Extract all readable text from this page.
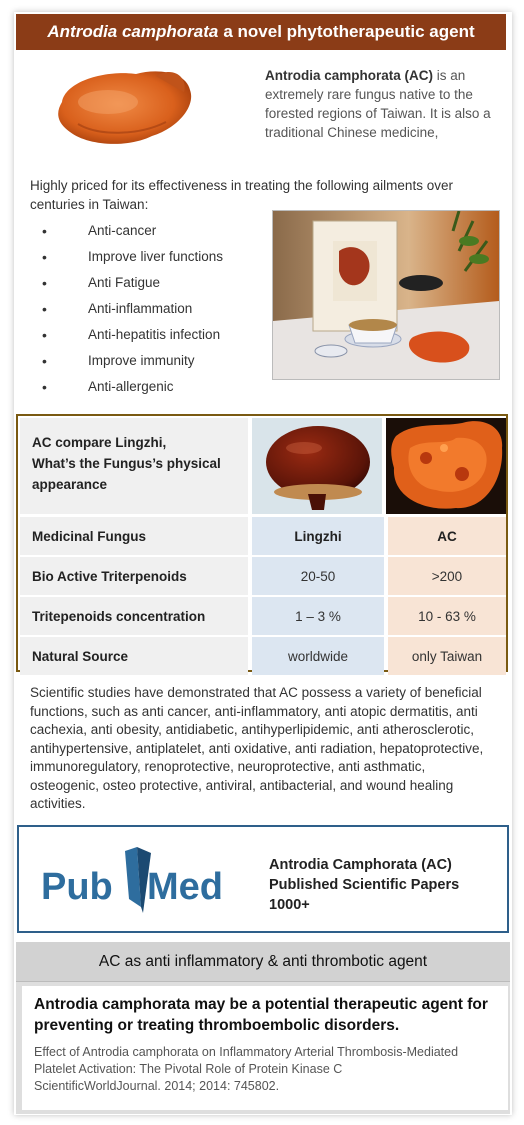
Antrodia camphorata a novel phytotherapeutic agent
Antrodia camphorata (AC) is an extremely rare fungus native to the forested regions of Taiwan. It is also a traditional Chinese medicine,
Highly priced for its effectiveness in treating the following ailments over centuries in Taiwan:
•	Anti-cancer
•	Improve liver functions
•	Anti Fatigue
•	Anti-inflammation
•	Anti-hepatitis infection
•	Improve immunity
•	Anti-allergenic
AC compare Lingzhi,
What’s the Fungus’s physical appearance
Medicinal Fungus	Lingzhi	AC
Bio Active Triterpenoids	20-50	>200
Tritepenoids concentration	1 – 3 %	10 - 63 %
Natural Source	worldwide	only Taiwan
Scientific studies have demonstrated that AC possess a variety of beneficial functions, such as anti cancer, anti-inflammatory, anti atopic dermatitis, anti cachexia, anti obesity, antidiabetic, antihyperlipidemic, anti atherosclerotic, antihypertensive, antiplatelet, anti oxidative, anti radiation, hepatoprotective, immunoregulatory, renoprotective, neuroprotective, anti asthmatic, osteogenic, osteo protective, antiviral, antibacterial, and wound healing activities.
Pub Med
Antrodia Camphorata (AC)
Published Scientific Papers
1000+
AC as anti inflammatory & anti thrombotic agent
Antrodia camphorata may be a potential therapeutic agent for preventing or treating thromboembolic disorders.
Effect of Antrodia camphorata on Inflammatory Arterial Thrombosis-Mediated Platelet Activation: The Pivotal Role of Protein Kinase C
ScientificWorldJournal. 2014; 2014: 745802.
